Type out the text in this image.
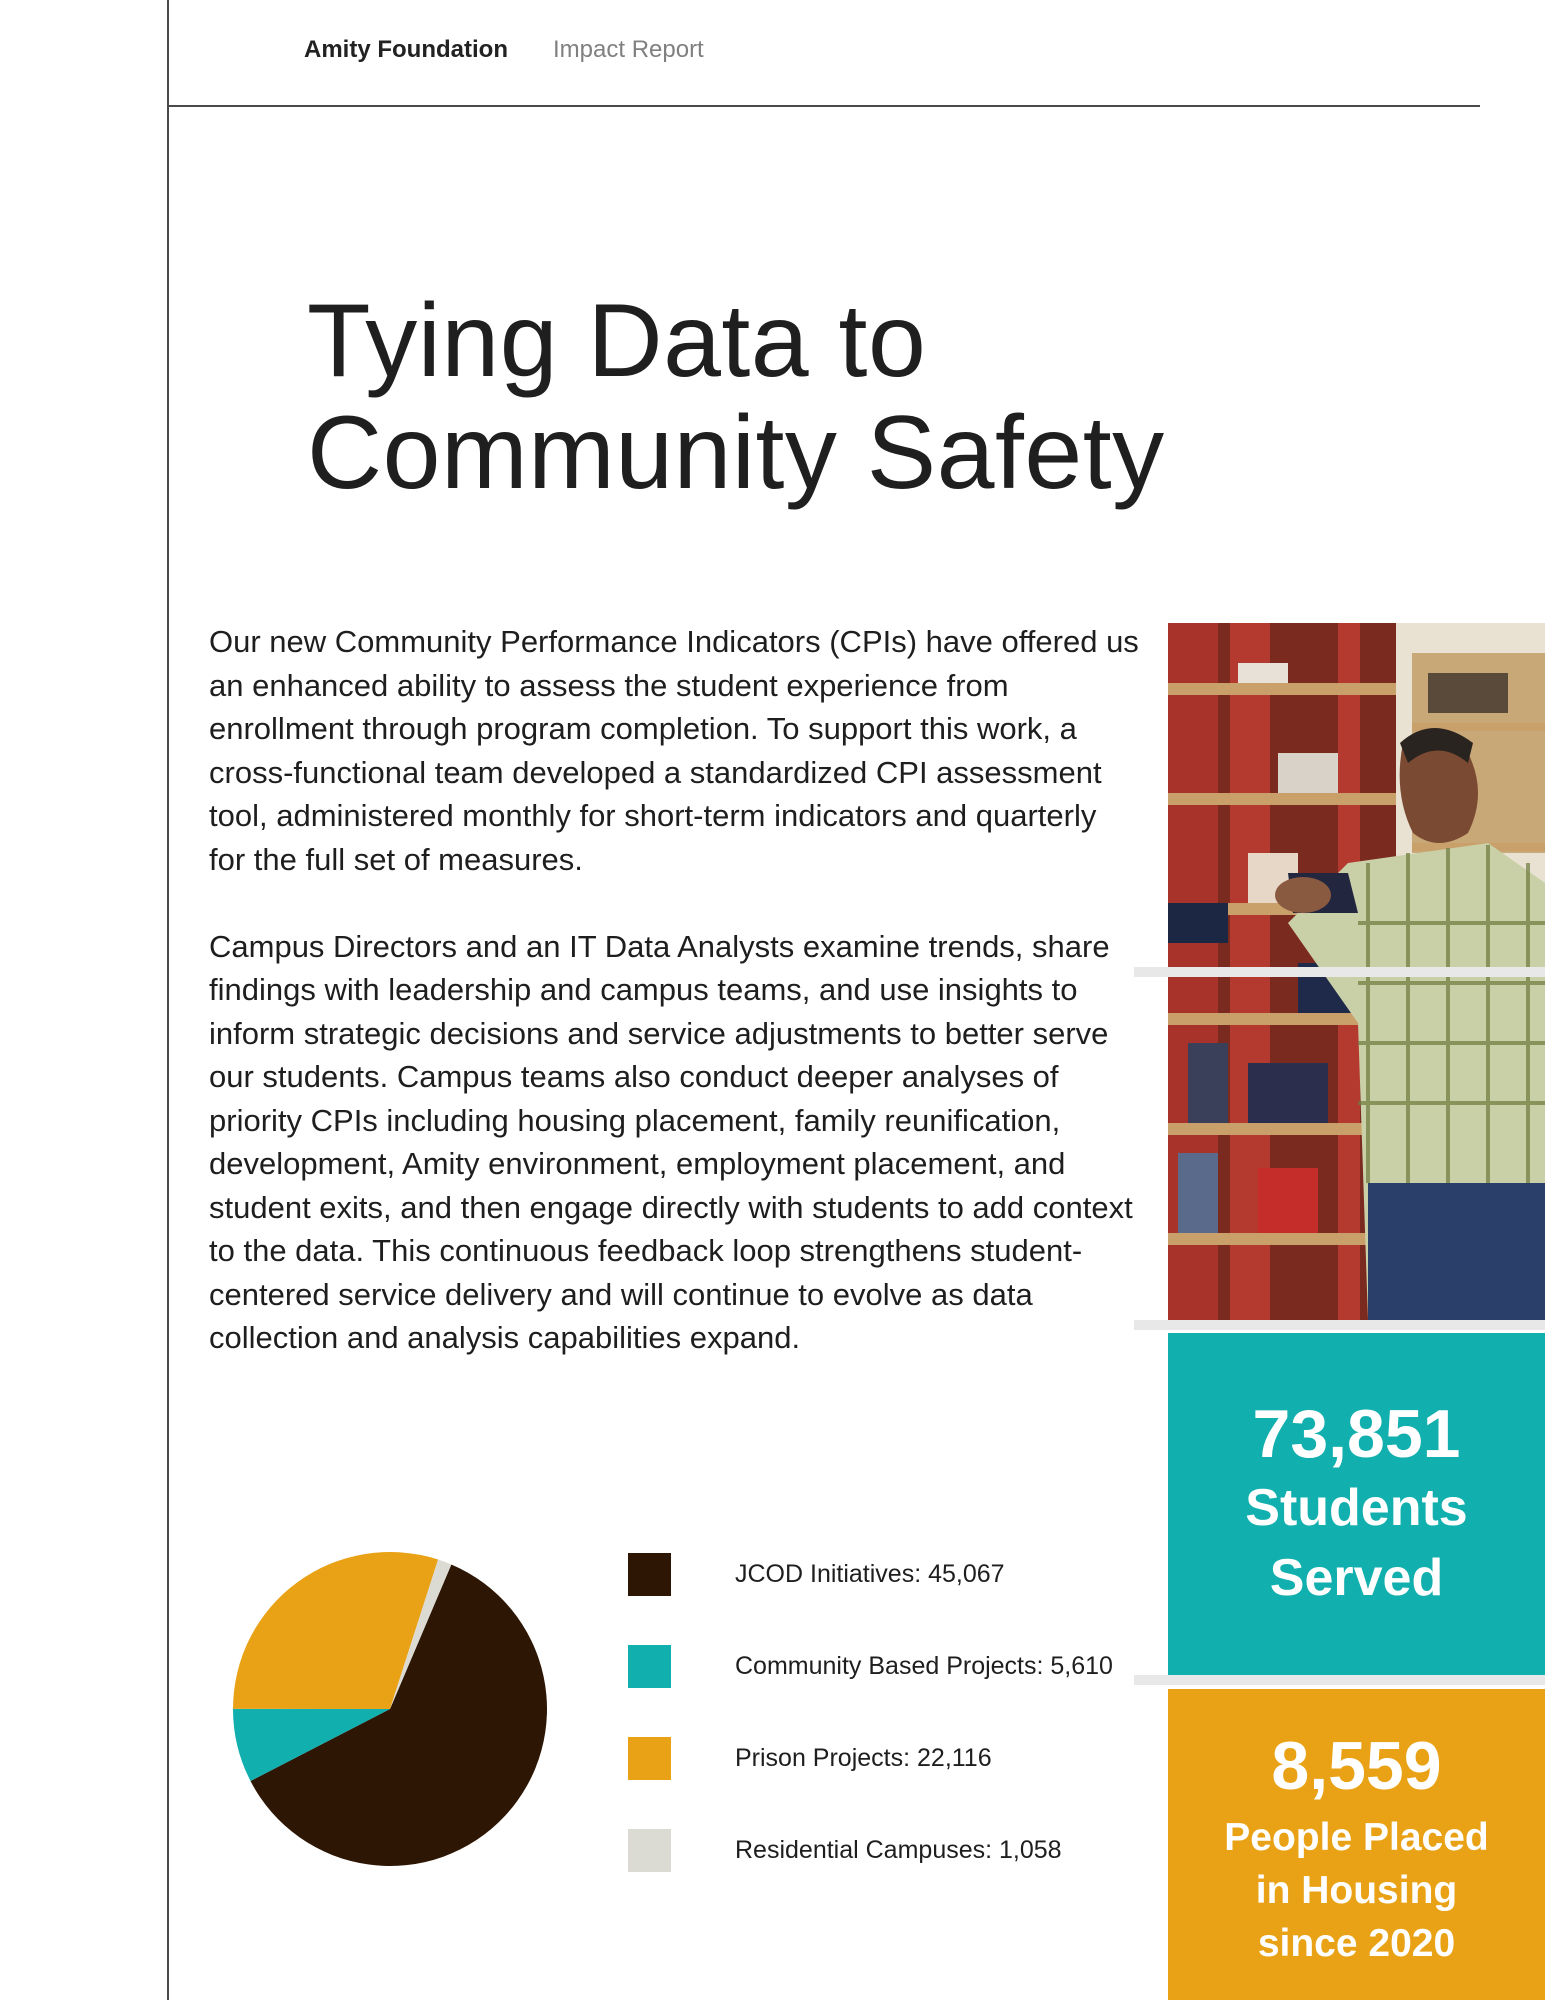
Amity Foundation Impact Report
Tying Data to
Community Safety

Our new Community Performance Indicators (CPIs) have offered us an enhanced ability to assess the student experience from enrollment through program completion. To support this work, a cross-functional team developed a standardized CPI assessment tool, administered monthly for short-term indicators and quarterly for the full set of measures.

Campus Directors and an IT Data Analysts examine trends, share findings with leadership and campus teams, and use insights to inform strategic decisions and service adjustments to better serve our students. Campus teams also conduct deeper analyses of priority CPIs including housing placement, family reunification, development, Amity environment, employment placement, and student exits, and then engage directly with students to add context to the data. This continuous feedback loop strengthens student-centered service delivery and will continue to evolve as data collection and analysis capabilities expand.

73,851
Students Served
8,559
People Placed in Housing since 2020
JCOD Initiatives: 45,067
Community Based Projects: 5,610
Prison Projects: 22,116
Residential Campuses: 1,058
